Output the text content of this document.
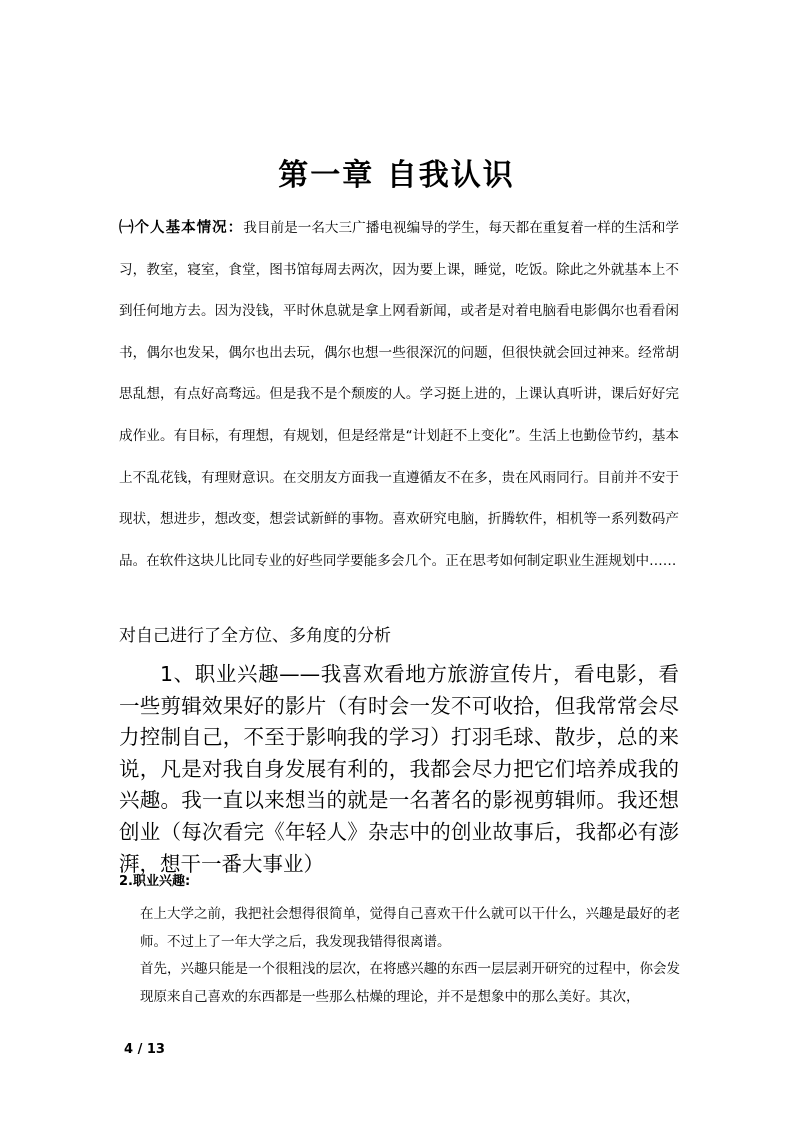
第一章 自我认识

㈠个人基本情况：我目前是一名大三广播电视编导的学生，每天都在重复着一样的生活和学习，教室，寝室，食堂，图书馆每周去两次，因为要上课，睡觉，吃饭。除此之外就基本上不到任何地方去。因为没钱，平时休息就是拿上网看新闻，或者是对着电脑看电影偶尔也看看闲书，偶尔也发呆，偶尔也出去玩，偶尔也想一些很深沉的问题，但很快就会回过神来。经常胡思乱想，有点好高骛远。但是我不是个颓废的人。学习挺上进的，上课认真听讲，课后好好完成作业。有目标，有理想，有规划，但是经常是“计划赶不上变化”。生活上也勤俭节约，基本上不乱花钱，有理财意识。在交朋友方面我一直遵循友不在多，贵在风雨同行。目前并不安于现状，想进步，想改变，想尝试新鲜的事物。喜欢研究电脑，折腾软件，相机等一系列数码产品。在软件这块儿比同专业的好些同学要能多会几个。正在思考如何制定职业生涯规划中……

对自己进行了全方位、多角度的分析

1、职业兴趣——我喜欢看地方旅游宣传片，看电影，看一些剪辑效果好的影片（有时会一发不可收拾，但我常常会尽力控制自己，不至于影响我的学习）打羽毛球、散步，总的来说，凡是对我自身发展有利的，我都会尽力把它们培养成我的兴趣。我一直以来想当的就是一名著名的影视剪辑师。我还想创业（每次看完《年轻人》杂志中的创业故事后，我都必有澎湃，想干一番大事业）

2.职业兴趣:

在上大学之前，我把社会想得很简单，觉得自己喜欢干什么就可以干什么，兴趣是最好的老师。不过上了一年大学之后，我发现我错得很离谱。

首先，兴趣只能是一个很粗浅的层次，在将感兴趣的东西一层层剥开研究的过程中，你会发现原来自己喜欢的东西都是一些那么枯燥的理论，并不是想象中的那么美好。其次，

4 / 13
